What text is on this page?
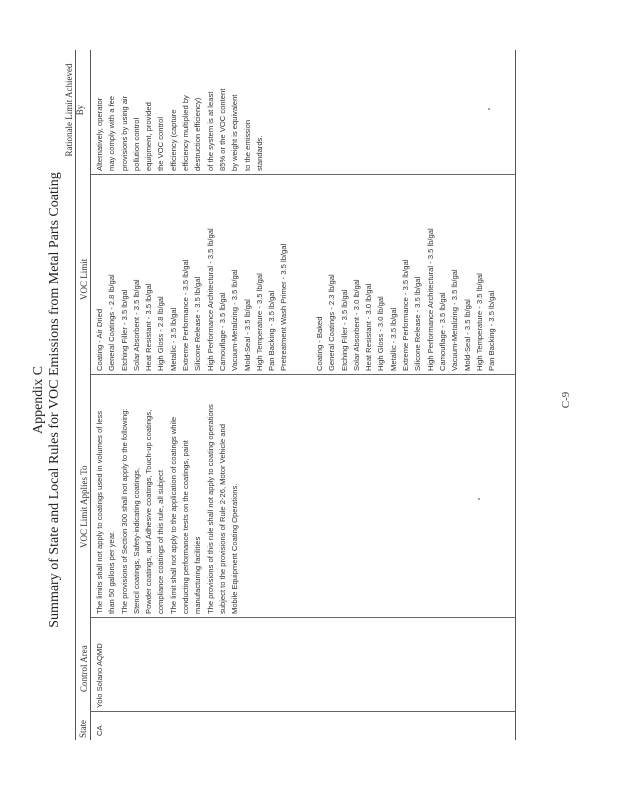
Appendix C Summary of State and Local Rules for VOC Emissions from Metal Parts Coating
State
Control Area
VOC Limit Applies To
VOC Limit
Rationale Limit Achieved By
CA
Yolo Solano AQMD
The limits shall not apply to coatings used in volumes of less than 50 gallons per year. The provisions of Section 300 shall not apply to the following: Stencil coatings, Safety-indicating coatings, Powder coatings, and Adhesive coatings, Touch-up coatings, compliance coatings of this rule, all subject The limit shall not apply to the application of coatings while conducting performance tests on the coatings, paint manufacturing facilities The provisions of this rule shall not apply to coating operations subject to the provisions of Rule 2-26, Motor Vehicle and Mobile Equipment Coating Operations.
Coating - Air Dried General Coatings - 2.8 lb/gal Etching Filler - 3.5 lb/gal Solar Absorbent - 3.5 lb/gal Heat Resistant - 3.5 lb/gal High Gloss - 2.8 lb/gal Metallic - 3.5 lb/gal Extreme Performance - 3.5 lb/gal Silicone Release - 3.5 lb/gal High Performance Architectural - 3.5 lb/gal Camouflage - 3.5 lb/gal Vacuum-Metalizing - 3.5 lb/gal Mold-Seal - 3.5 lb/gal High Temperature - 3.5 lb/gal Pan Backing - 3.5 lb/gal Pretreatment Wash Primer - 3.5 lb/gal	Coating - Baked General Coatings - 2.3 lb/gal Etching Filler - 3.5 lb/gal Solar Absorbent - 3.0 lb/gal Heat Resistant - 3.0 lb/gal High Gloss - 3.0 lb/gal Metallic - 3.5 lb/gal Extreme Performance - 3.5 lb/gal Silicone Release - 3.5 lb/gal High Performance Architectural - 3.5 lb/gal Camouflage - 3.5 lb/gal Vacuum-Metalizing - 3.5 lb/gal Mold-Seal - 3.5 lb/gal High Temperature - 3.5 lb/gal Pan Backing - 3.5 lb/gal
Alternatively, operator may comply with a fee provisions by using air pollution control equipment, provided the VOC control efficiency (capture efficiency multiplied by destruction efficiency) of the system is at least 85% or the VOC content by weight is equivalent to the emission standards.
C-9
